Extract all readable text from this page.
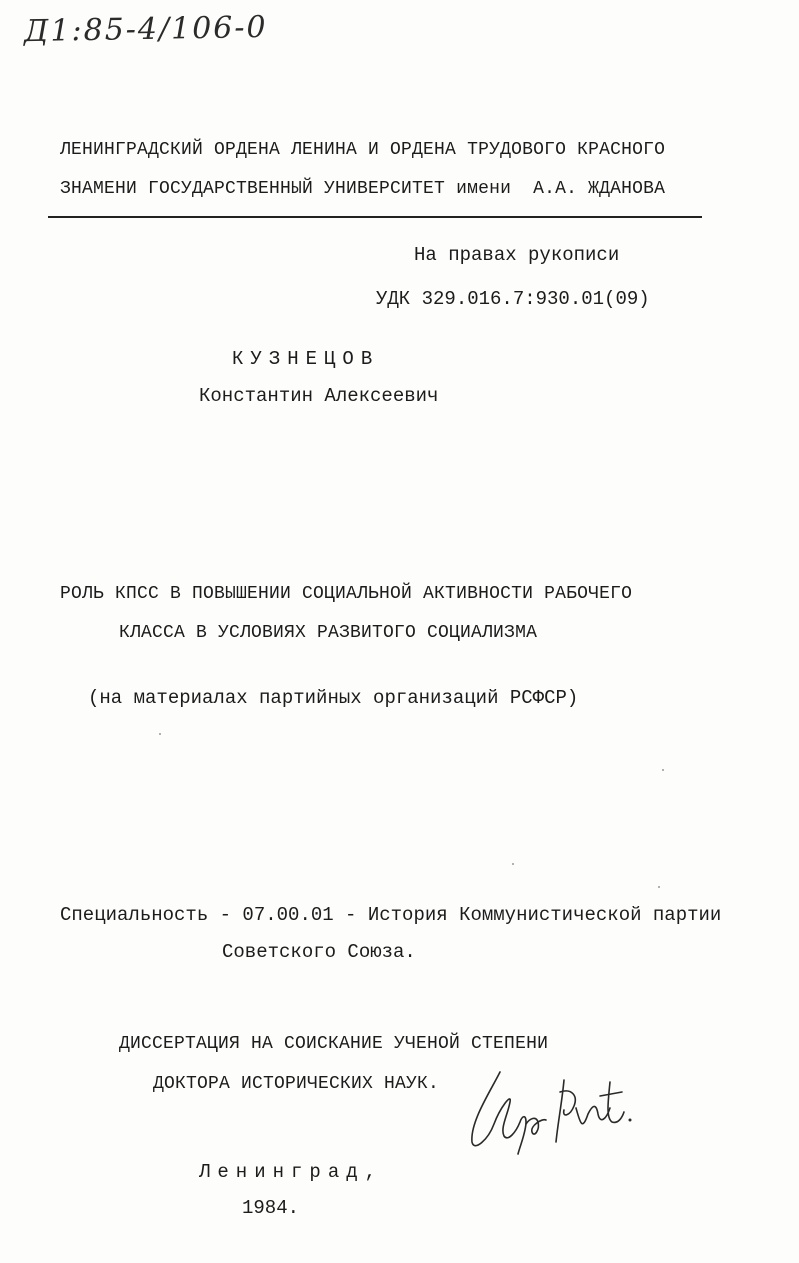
Д1:85-4/106-0
ЛЕНИНГРАДСКИЙ ОРДЕНА ЛЕНИНА И ОРДЕНА ТРУДОВОГО КРАСНОГО
ЗНАМЕНИ ГОСУДАРСТВЕННЫЙ УНИВЕРСИТЕТ имени  А.А. ЖДАНОВА
На правах рукописи
УДК 329.016.7:930.01(09)
КУЗНЕЦОВ
Константин Алексеевич
РОЛЬ КПСС В ПОВЫШЕНИИ СОЦИАЛЬНОЙ АКТИВНОСТИ РАБОЧЕГО
КЛАССА В УСЛОВИЯХ РАЗВИТОГО СОЦИАЛИЗМА
(на материалах партийных организаций РСФСР)
Специальность - 07.00.01 - История Коммунистической партии
Советского Союза.
ДИССЕРТАЦИЯ НА СОИСКАНИЕ УЧЕНОЙ СТЕПЕНИ
ДОКТОРА ИСТОРИЧЕСКИХ НАУК.
Ленинград,
1984.
